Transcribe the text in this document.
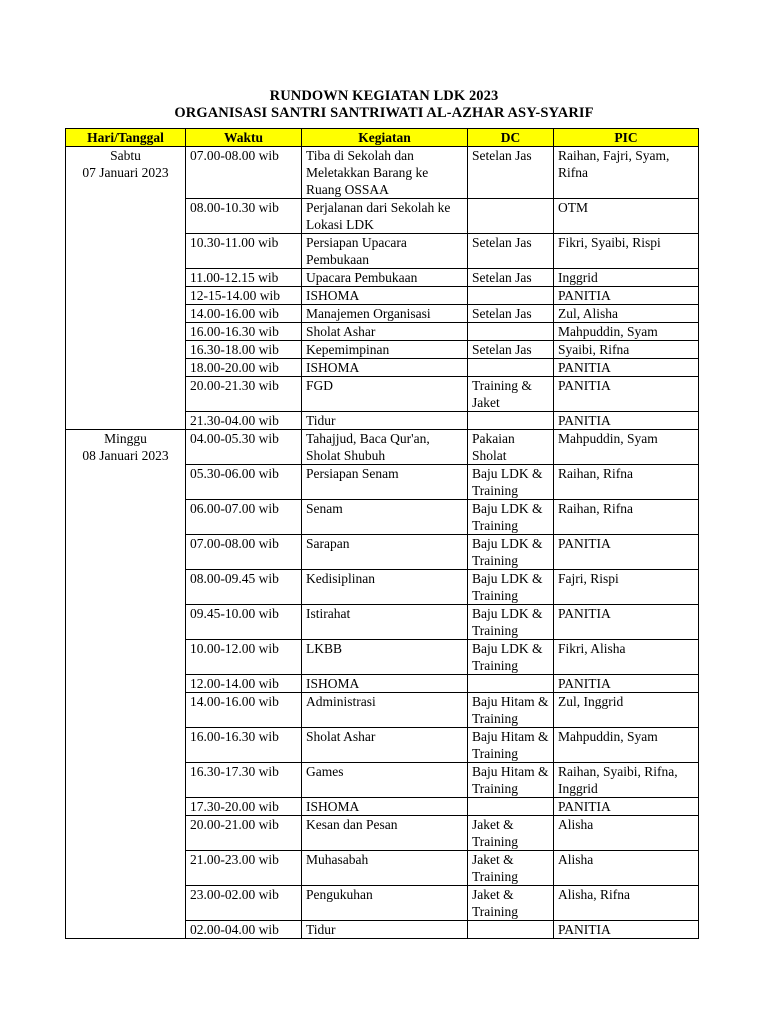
RUNDOWN KEGIATAN LDK 2023
ORGANISASI SANTRI SANTRIWATI AL-AZHAR ASY-SYARIF
Hari/Tanggal	Waktu	Kegiatan	DC	PIC

Sabtu
07 Januari 2023	07.00-08.00 wib	Tiba di Sekolah dan Meletakkan Barang ke Ruang OSSAA	Setelan Jas	Raihan, Fajri, Syam, Rifna
	08.00-10.30 wib	Perjalanan dari Sekolah ke Lokasi LDK		OTM
	10.30-11.00 wib	Persiapan Upacara Pembukaan	Setelan Jas	Fikri, Syaibi, Rispi
	11.00-12.15 wib	Upacara Pembukaan	Setelan Jas	Inggrid
	12-15-14.00 wib	ISHOMA		PANITIA
	14.00-16.00 wib	Manajemen Organisasi	Setelan Jas	Zul, Alisha
	16.00-16.30 wib	Sholat Ashar		Mahpuddin, Syam
	16.30-18.00 wib	Kepemimpinan	Setelan Jas	Syaibi, Rifna
	18.00-20.00 wib	ISHOMA		PANITIA
	20.00-21.30 wib	FGD	Training & Jaket	PANITIA
	21.30-04.00 wib	Tidur		PANITIA

Minggu
08 Januari 2023	04.00-05.30 wib	Tahajjud, Baca Qur'an, Sholat Shubuh	Pakaian Sholat	Mahpuddin, Syam
	05.30-06.00 wib	Persiapan Senam	Baju LDK & Training	Raihan, Rifna
	06.00-07.00 wib	Senam	Baju LDK & Training	Raihan, Rifna
	07.00-08.00 wib	Sarapan	Baju LDK & Training	PANITIA
	08.00-09.45 wib	Kedisiplinan	Baju LDK & Training	Fajri, Rispi
	09.45-10.00 wib	Istirahat	Baju LDK & Training	PANITIA
	10.00-12.00 wib	LKBB	Baju LDK & Training	Fikri, Alisha
	12.00-14.00 wib	ISHOMA		PANITIA
	14.00-16.00 wib	Administrasi	Baju Hitam & Training	Zul, Inggrid
	16.00-16.30 wib	Sholat Ashar	Baju Hitam & Training	Mahpuddin, Syam
	16.30-17.30 wib	Games	Baju Hitam & Training	Raihan, Syaibi, Rifna, Inggrid
	17.30-20.00 wib	ISHOMA		PANITIA
	20.00-21.00 wib	Kesan dan Pesan	Jaket & Training	Alisha
	21.00-23.00 wib	Muhasabah	Jaket & Training	Alisha
	23.00-02.00 wib	Pengukuhan	Jaket & Training	Alisha, Rifna
	02.00-04.00 wib	Tidur		PANITIA
